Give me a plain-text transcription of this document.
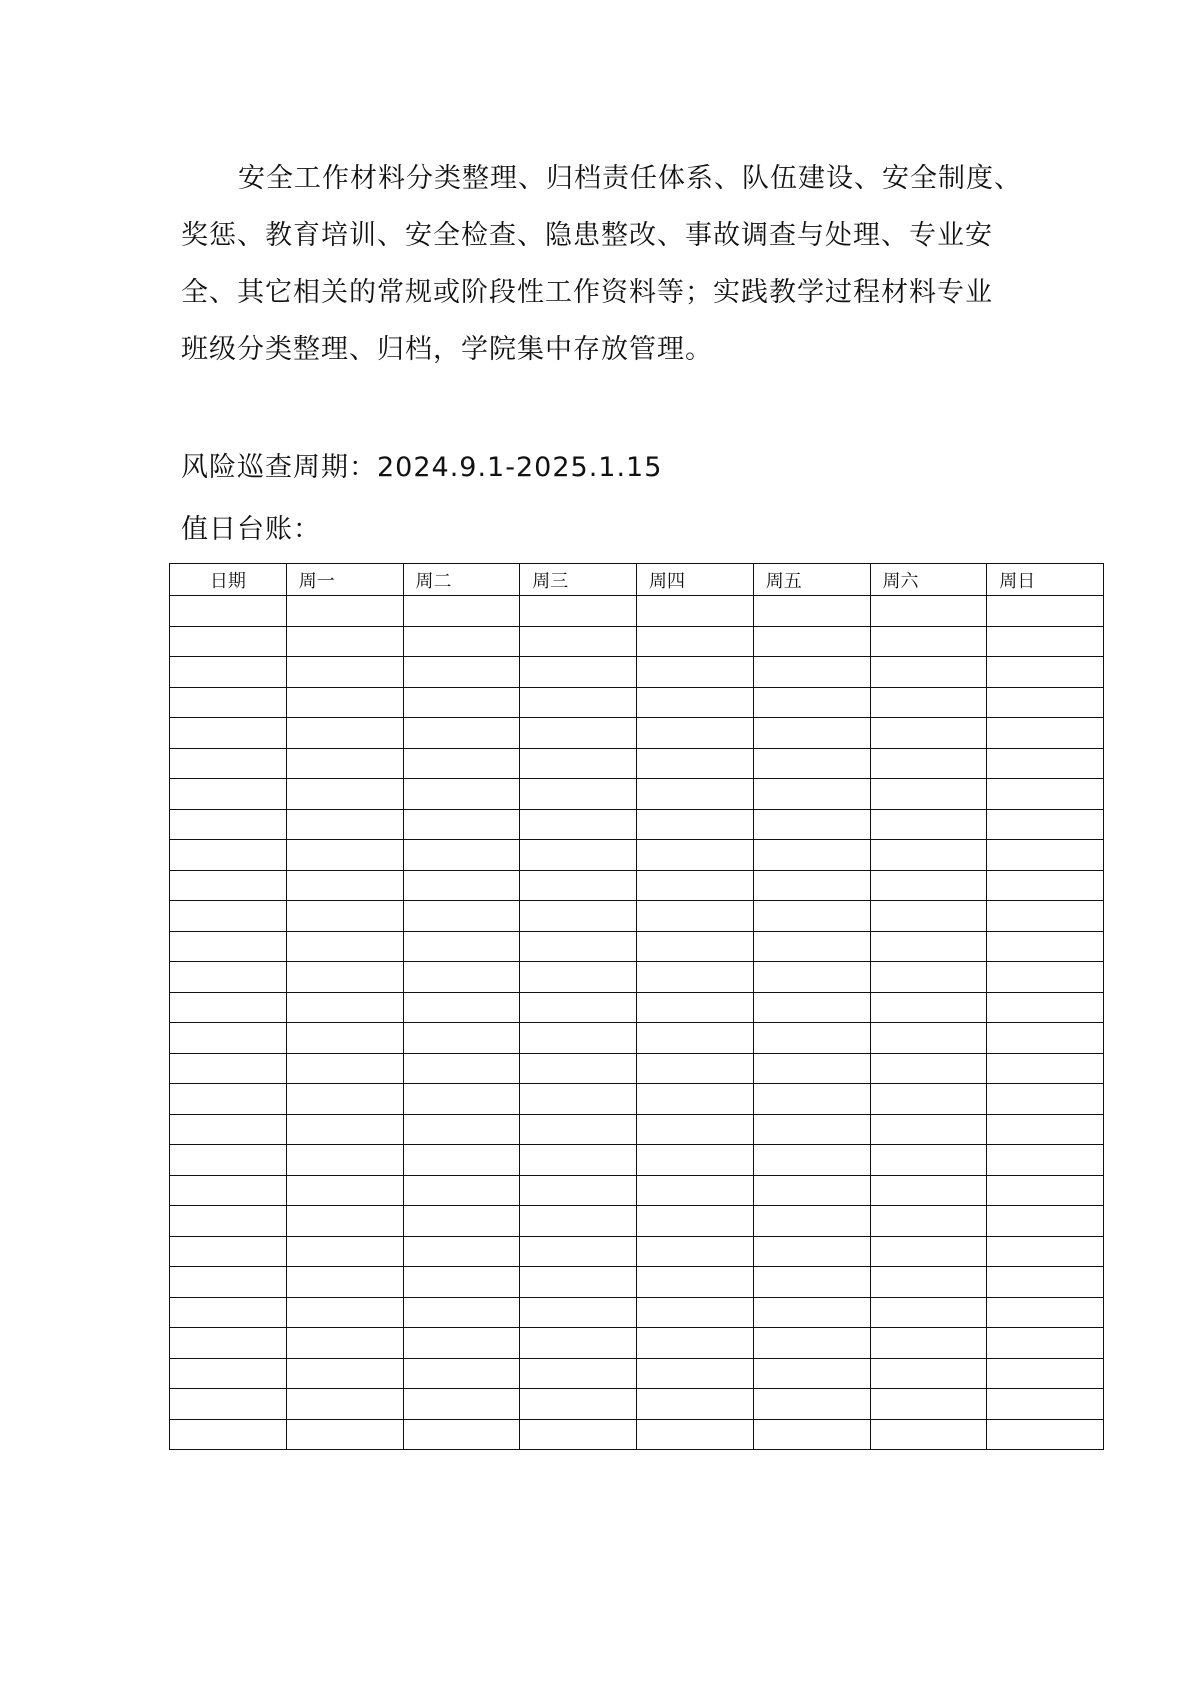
安全工作材料分类整理、归档责任体系、队伍建设、安全制度、
奖惩、教育培训、安全检查、隐患整改、事故调查与处理、专业安
全、其它相关的常规或阶段性工作资料等；实践教学过程材料专业
班级分类整理、归档，学院集中存放管理。
风险巡查周期：2024.9.1-2025.1.15
值日台账：
日期	周一	周二	周三	周四	周五	周六	周日
